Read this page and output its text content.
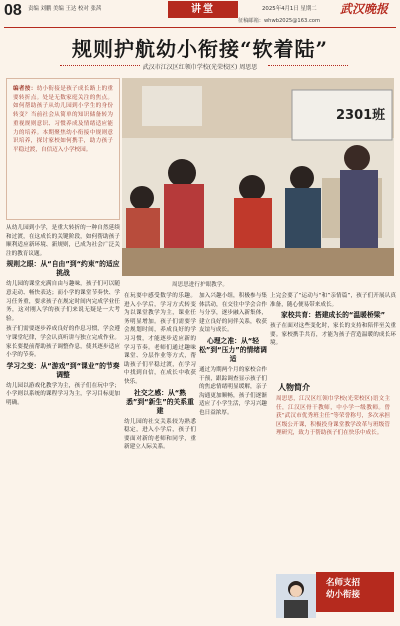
08 责编 刘鹏 美编 王达 校对 张茜	讲堂	2025年4月1日 星期二 武汉晚报
征稿邮箱：whwb2025@163.com
规则护航幼小衔接“软着陆”
武汉市江汉区红领巾学校(光荣校区) 周思思
编者按：幼小衔接是孩子成长路上的重要转折点。处是无数家庭关注的焦点。如何帮助孩子从幼儿园到小学生的身份转变？当前社会从简单的知识储备转为重视规则意识、习惯养成及情绪适应能力的培养。本期聚焦幼小衔接中规则意识培养，探讨家校如何携手，助力孩子平稳过渡，自信迈入小学校园。
2301班
周思思进行护眼教学。

从幼儿园到小学，是重大转折的一种自然延续和过渡，在这成长的关键阶段，如何帮助孩子顺利适应新环境、新规则，已成为社会广泛关注的教育议题。

规则之眼：从“自由”到“约束”的适应挑战

幼儿园的课堂充满自由与趣味，孩子们可以随意走动、畅快表达；而小学的课堂节奏快、学习任务重，要求孩子在规定时间内完成学业任务，这对刚入学的孩子们来说无疑是一大考验。

孩子们需要逐步养成良好的作息习惯，学会遵守课堂纪律，学会认真听讲与独立完成作业。家长要提前帮助孩子调整作息，使其逐步适应小学的节奏。

学习之变：从“游戏”到“课业”的节奏调整

幼儿园以游戏化教学为主，孩子们在玩中学；小学则以系统的课程学习为主，学习目标更加明确。

在玩耍中感受数学的乐趣。进入小学后，学习方式转变为以课堂教学为主，课业任务明显增加。孩子们需要学会规划时间，养成良好的学习习惯，才能逐步适应新的学习节奏。老师们通过趣味课堂、分层作业等方式，帮助孩子们平稳过渡，在学习中找到自信，在成长中收获快乐。

社交之感：从“熟悉”到“新生”的关系重建

幼儿园的社交关系较为熟悉稳定，进入小学后，孩子们要面对新的老师和同学，重新建立人际关系。

加入兴趣小组，积极参与集体活动，在交往中学会合作与分享，逐步融入新集体，建立良好的同伴关系，收获友谊与成长。

心理之准：从“轻松”到“压力”的情绪调适

通过为期两个月的家校合作干预，跟踪调查显示孩子们的焦虑情绪明显缓解，亲子沟通更加顺畅，孩子们逐渐适应了小学生活，学习兴趣也日益浓厚。

上完会要了“运动与“和”亲情篇”，孩子们开展认真准备，随心便易带来成长。

家校共育：搭建成长的“温暖桥梁”

孩子在面对这些变化时，家长的支持和陪伴至关重要。家校携手共育，才能为孩子营造温暖的成长环境。

人物简介

周思思，江汉区红领巾学校(光荣校区)语文主任，江汉区骨干教师，中小学一级教师。曾获“武汉市优秀班主任”等荣誉称号，多次承担区级公开课，积极投身课堂教学改革与班级管理研究，致力于帮助孩子们在快乐中成长。

名师支招
幼小衔接
